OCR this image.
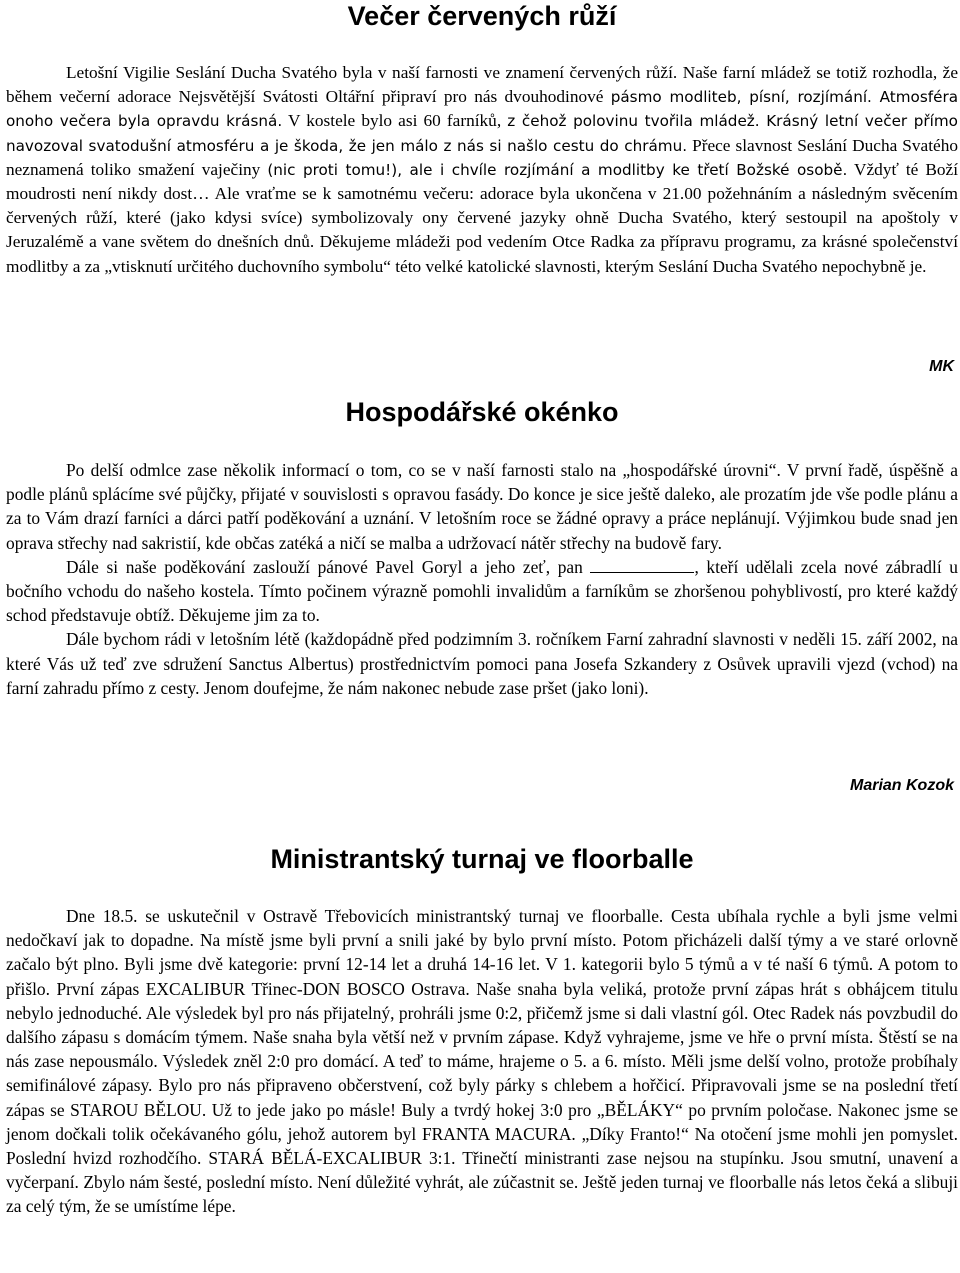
Večer červených růží

Letošní Vigilie Seslání Ducha Svatého byla v naší farnosti ve znamení červených růží. Naše farní mládež se totiž rozhodla, že během večerní adorace Nejsvětější Svátosti Oltářní připraví pro nás dvouhodinové pásmo modliteb, písní, rozjímání. Atmosféra onoho večera byla opravdu krásná. V kostele bylo asi 60 farníků, z čehož polovinu tvořila mládež. Krásný letní večer přímo navozoval svatodušní atmosféru a je škoda, že jen málo z nás si našlo cestu do chrámu. Přece slavnost Seslání Ducha Svatého neznamená toliko smažení vaječiny (nic proti tomu!), ale i chvíle rozjímání a modlitby ke třetí Božské osobě. Vždyť té Boží moudrosti není nikdy dost… Ale vraťme se k samotnému večeru: adorace byla ukončena v 21.00 požehnáním a následným svěcením červených růží, které (jako kdysi svíce) symbolizovaly ony červené jazyky ohně Ducha Svatého, který sestoupil na apoštoly v Jeruzalémě a vane světem do dnešních dnů. Děkujeme mládeži pod vedením Otce Radka za přípravu programu, za krásné společenství modlitby a za „vtisknutí určitého duchovního symbolu“ této velké katolické slavnosti, kterým Seslání Ducha Svatého nepochybně je.

MK
Hospodářské okénko

Po delší odmlce zase několik informací o tom, co se v naší farnosti stalo na „hospodářské úrovni“. V první řadě, úspěšně a podle plánů splácíme své půjčky, přijaté v souvislosti s opravou fasády. Do konce je sice ještě daleko, ale prozatím jde vše podle plánu a za to Vám drazí farníci a dárci patří poděkování a uznání. V letošním roce se žádné opravy a práce neplánují. Výjimkou bude snad jen oprava střechy nad sakristií, kde občas zatéká a ničí se malba a udržovací nátěr střechy na budově fary.

Dále si naše poděkování zaslouží pánové Pavel Goryl a jeho zeť, pan	, kteří udělali zcela nové zábradlí u bočního vchodu do našeho kostela. Tímto počinem výrazně pomohli invalidům a farníkům se zhoršenou pohyblivostí, pro které každý schod představuje obtíž. Děkujeme jim za to.

Dále bychom rádi v letošním létě (každopádně před podzimním 3. ročníkem Farní zahradní slavnosti v neděli 15. září 2002, na které Vás už teď zve sdružení Sanctus Albertus) prostřednictvím pomoci pana Josefa Szkandery z Osůvek upravili vjezd (vchod) na farní zahradu přímo z cesty. Jenom doufejme, že nám nakonec nebude zase pršet (jako loni).

Marian Kozok
Ministrantský turnaj ve floorballe

Dne 18.5. se uskutečnil v Ostravě Třebovicích ministrantský turnaj ve floorballe. Cesta ubíhala rychle a byli jsme velmi nedočkaví jak to dopadne. Na místě jsme byli první a snili jaké by bylo první místo. Potom přicházeli další týmy a ve staré orlovně začalo být plno. Byli jsme dvě kategorie: první 12-14 let a druhá 14-16 let. V 1. kategorii bylo 5 týmů a v té naší 6 týmů. A potom to přišlo. První zápas EXCALIBUR Třinec-DON BOSCO Ostrava. Naše snaha byla veliká, protože první zápas hrát s obhájcem titulu nebylo jednoduché. Ale výsledek byl pro nás přijatelný, prohráli jsme 0:2, přičemž jsme si dali vlastní gól. Otec Radek nás povzbudil do dalšího zápasu s domácím týmem. Naše snaha byla větší než v prvním zápase. Když vyhrajeme, jsme ve hře o první místa. Štěstí se na nás zase nepousmálo. Výsledek zněl 2:0 pro domácí. A teď to máme, hrajeme o 5. a 6. místo. Měli jsme delší volno, protože probíhaly semifinálové zápasy. Bylo pro nás připraveno občerstvení, což byly párky s chlebem a hořčicí. Připravovali jsme se na poslední třetí zápas se STAROU BĚLOU. Už to jede jako po másle! Buly a tvrdý hokej 3:0 pro „BĚLÁKY“ po prvním poločase. Nakonec jsme se jenom dočkali tolik očekávaného gólu, jehož autorem byl FRANTA MACURA. „Díky Franto!“ Na otočení jsme mohli jen pomyslet. Poslední hvizd rozhodčího. STARÁ BĚLÁ-EXCALIBUR 3:1. Třinečtí ministranti zase nejsou na stupínku. Jsou smutní, unavení a vyčerpaní. Zbylo nám šesté, poslední místo. Není důležité vyhrát, ale zúčastnit se. Ještě jeden turnaj ve floorballe nás letos čeká a slibuji za celý tým, že se umístíme lépe.
